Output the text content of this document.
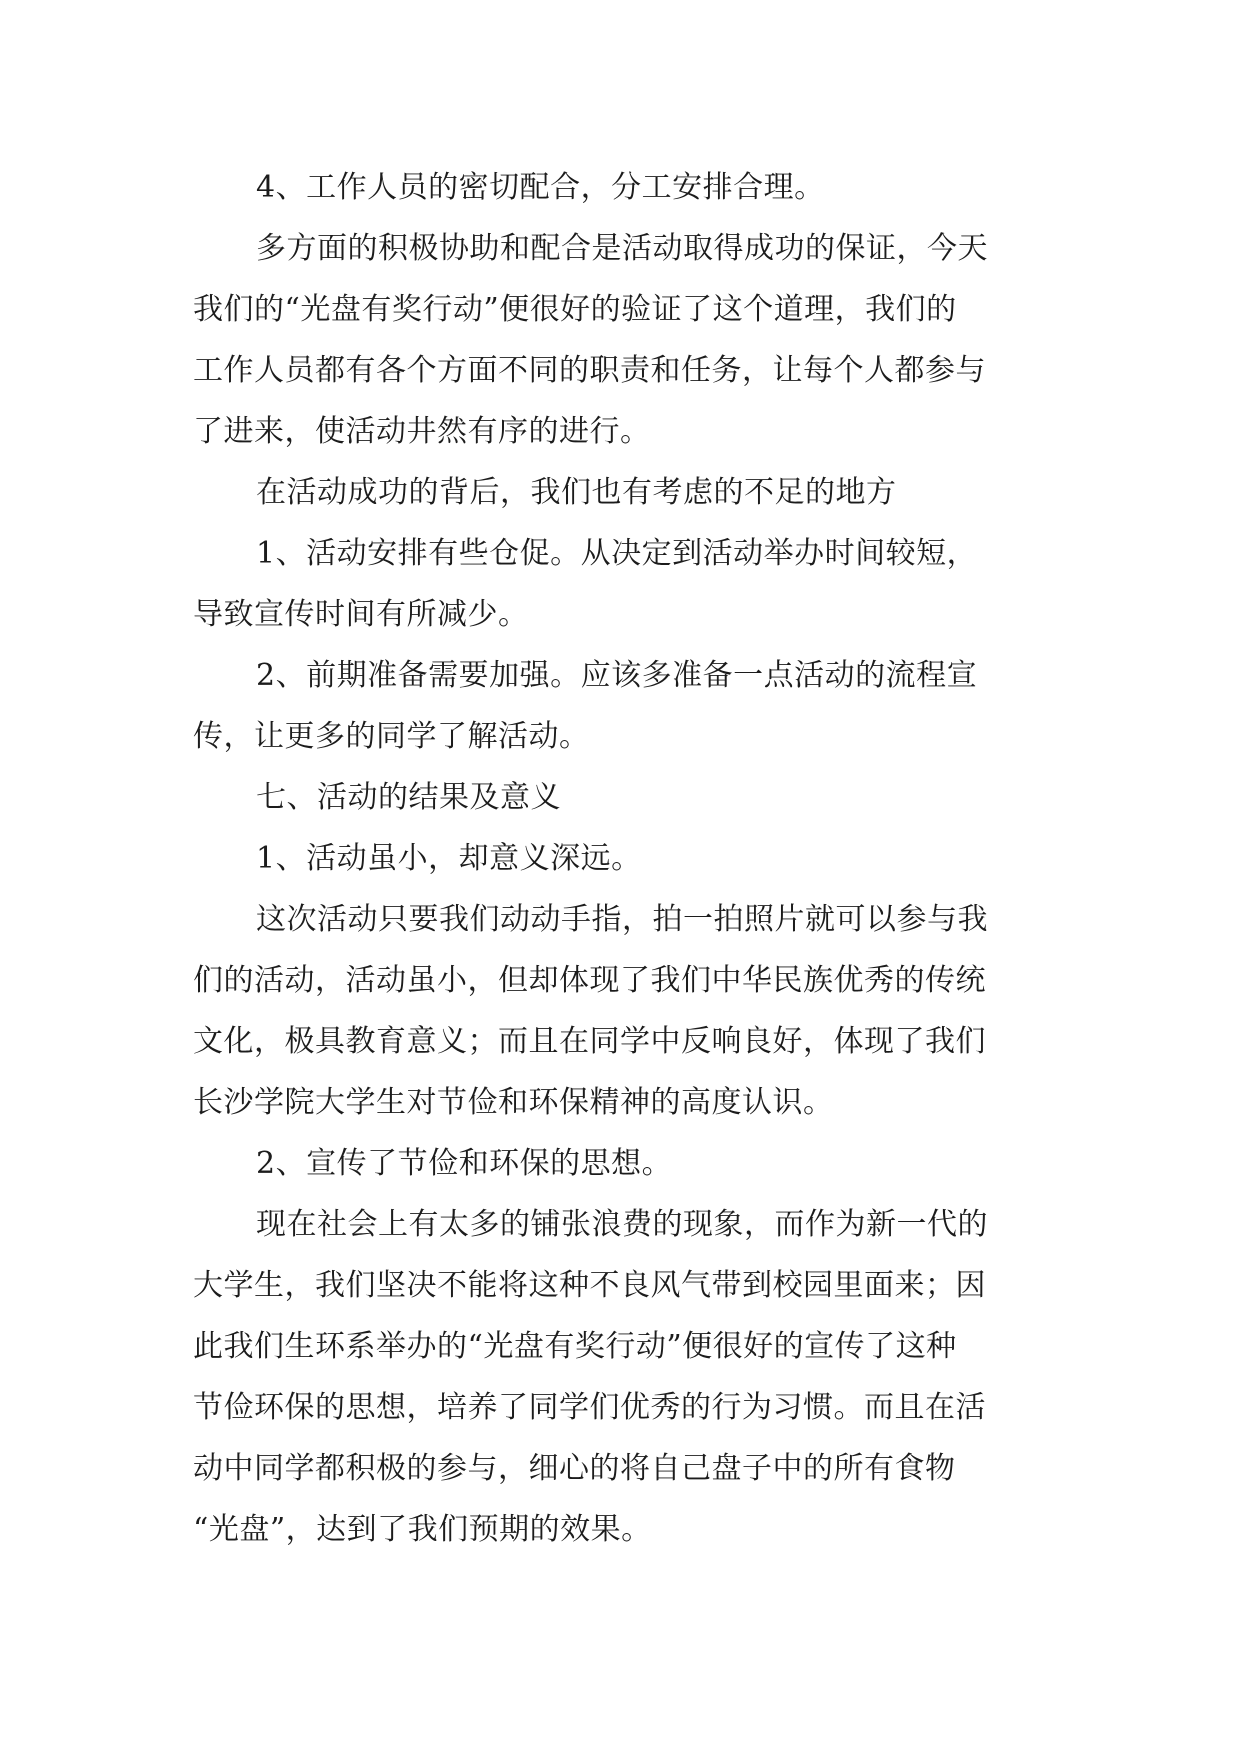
4、工作人员的密切配合，分工安排合理。
多方面的积极协助和配合是活动取得成功的保证，今天
我们的“光盘有奖行动”便很好的验证了这个道理，我们的
工作人员都有各个方面不同的职责和任务，让每个人都参与
了进来，使活动井然有序的进行。
在活动成功的背后，我们也有考虑的不足的地方
1、活动安排有些仓促。从决定到活动举办时间较短，
导致宣传时间有所减少。
2、前期准备需要加强。应该多准备一点活动的流程宣
传，让更多的同学了解活动。
七、活动的结果及意义
1、活动虽小，却意义深远。
这次活动只要我们动动手指，拍一拍照片就可以参与我
们的活动，活动虽小，但却体现了我们中华民族优秀的传统
文化，极具教育意义；而且在同学中反响良好，体现了我们
长沙学院大学生对节俭和环保精神的高度认识。
2、宣传了节俭和环保的思想。
现在社会上有太多的铺张浪费的现象，而作为新一代的
大学生，我们坚决不能将这种不良风气带到校园里面来；因
此我们生环系举办的“光盘有奖行动”便很好的宣传了这种
节俭环保的思想，培养了同学们优秀的行为习惯。而且在活
动中同学都积极的参与，细心的将自己盘子中的所有食物
“光盘”，达到了我们预期的效果。
